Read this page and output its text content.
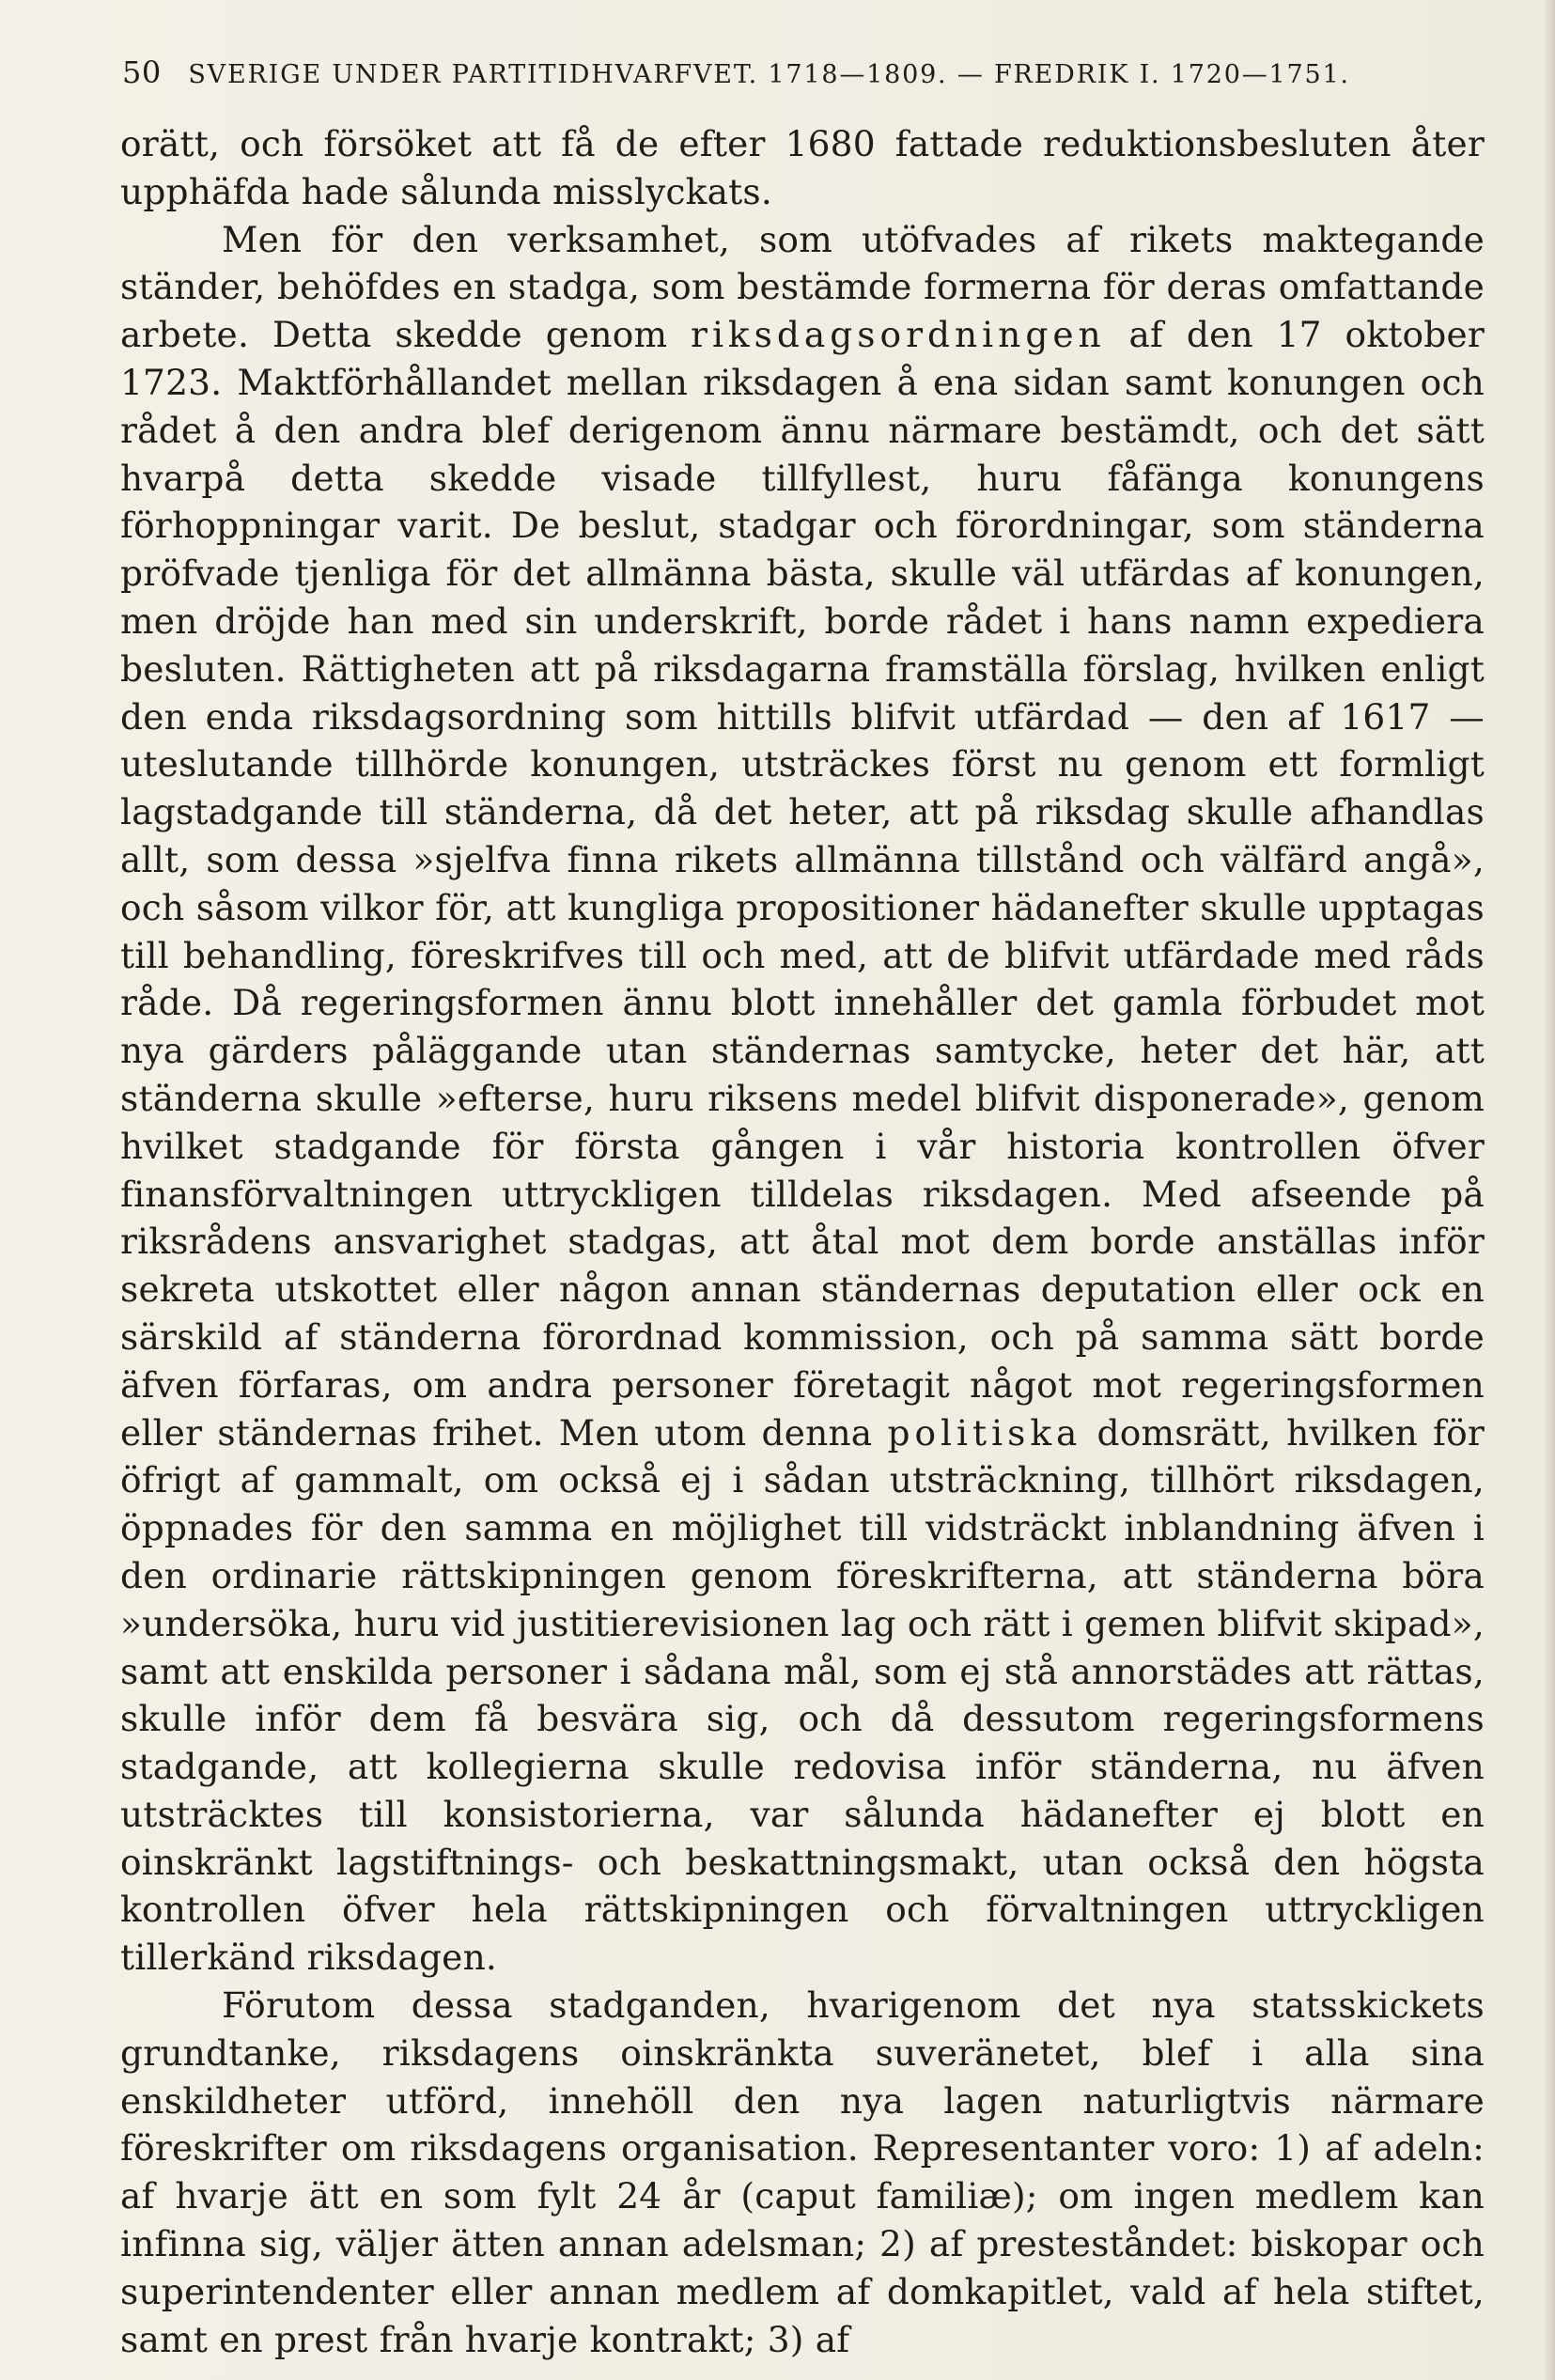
50 SVERIGE UNDER PARTITIDHVARFVET. 1718—1809. — FREDRIK I. 1720—1751.

orätt, och försöket att få de efter 1680 fattade reduktionsbesluten åter upphäfda hade sålunda misslyckats.

Men för den verksamhet, som utöfvades af rikets maktegande ständer, behöfdes en stadga, som bestämde formerna för deras omfattande arbete. Detta skedde genom riksdagsordningen af den 17 oktober 1723. Maktförhållandet mellan riksdagen å ena sidan samt konungen och rådet å den andra blef derigenom ännu närmare bestämdt, och det sätt hvarpå detta skedde visade tillfyllest, huru fåfänga konungens förhoppningar varit. De beslut, stadgar och förordningar, som ständerna pröfvade tjenliga för det allmänna bästa, skulle väl utfärdas af konungen, men dröjde han med sin underskrift, borde rådet i hans namn expediera besluten. Rättigheten att på riksdagarna framställa förslag, hvilken enligt den enda riksdagsordning som hittills blifvit utfärdad — den af 1617 — uteslutande tillhörde konungen, utsträckes först nu genom ett formligt lagstadgande till ständerna, då det heter, att på riksdag skulle afhandlas allt, som dessa »sjelfva finna rikets allmänna tillstånd och välfärd angå», och såsom vilkor för, att kungliga propositioner hädanefter skulle upptagas till behandling, föreskrifves till och med, att de blifvit utfärdade med råds råde. Då regeringsformen ännu blott innehåller det gamla förbudet mot nya gärders påläggande utan ständernas samtycke, heter det här, att ständerna skulle »efterse, huru riksens medel blifvit disponerade», genom hvilket stadgande för första gången i vår historia kontrollen öfver finansförvaltningen uttryckligen tilldelas riksdagen. Med afseende på riksrådens ansvarighet stadgas, att åtal mot dem borde anställas inför sekreta utskottet eller någon annan ständernas deputation eller ock en särskild af ständerna förordnad kommission, och på samma sätt borde äfven förfaras, om andra personer företagit något mot regeringsformen eller ständernas frihet. Men utom denna politiska domsrätt, hvilken för öfrigt af gammalt, om också ej i sådan utsträckning, tillhört riksdagen, öppnades för den samma en möjlighet till vidsträckt inblandning äfven i den ordinarie rättskipningen genom föreskrifterna, att ständerna böra »undersöka, huru vid justitierevisionen lag och rätt i gemen blifvit skipad», samt att enskilda personer i sådana mål, som ej stå annorstädes att rättas, skulle inför dem få besvära sig, och då dessutom regeringsformens stadgande, att kollegierna skulle redovisa inför ständerna, nu äfven utsträcktes till konsistorierna, var sålunda hädanefter ej blott en oinskränkt lagstiftnings- och beskattningsmakt, utan också den högsta kontrollen öfver hela rättskipningen och förvaltningen uttryckligen tillerkänd riksdagen.

Förutom dessa stadganden, hvarigenom det nya statsskickets grundtanke, riksdagens oinskränkta suveränetet, blef i alla sina enskildheter utförd, innehöll den nya lagen naturligtvis närmare föreskrifter om riksdagens organisation. Representanter voro: 1) af adeln: af hvarje ätt en som fylt 24 år (caput familiæ); om ingen medlem kan infinna sig, väljer ätten annan adelsman; 2) af presteståndet: biskopar och superintendenter eller annan medlem af domkapitlet, vald af hela stiftet, samt en prest från hvarje kontrakt; 3) af
